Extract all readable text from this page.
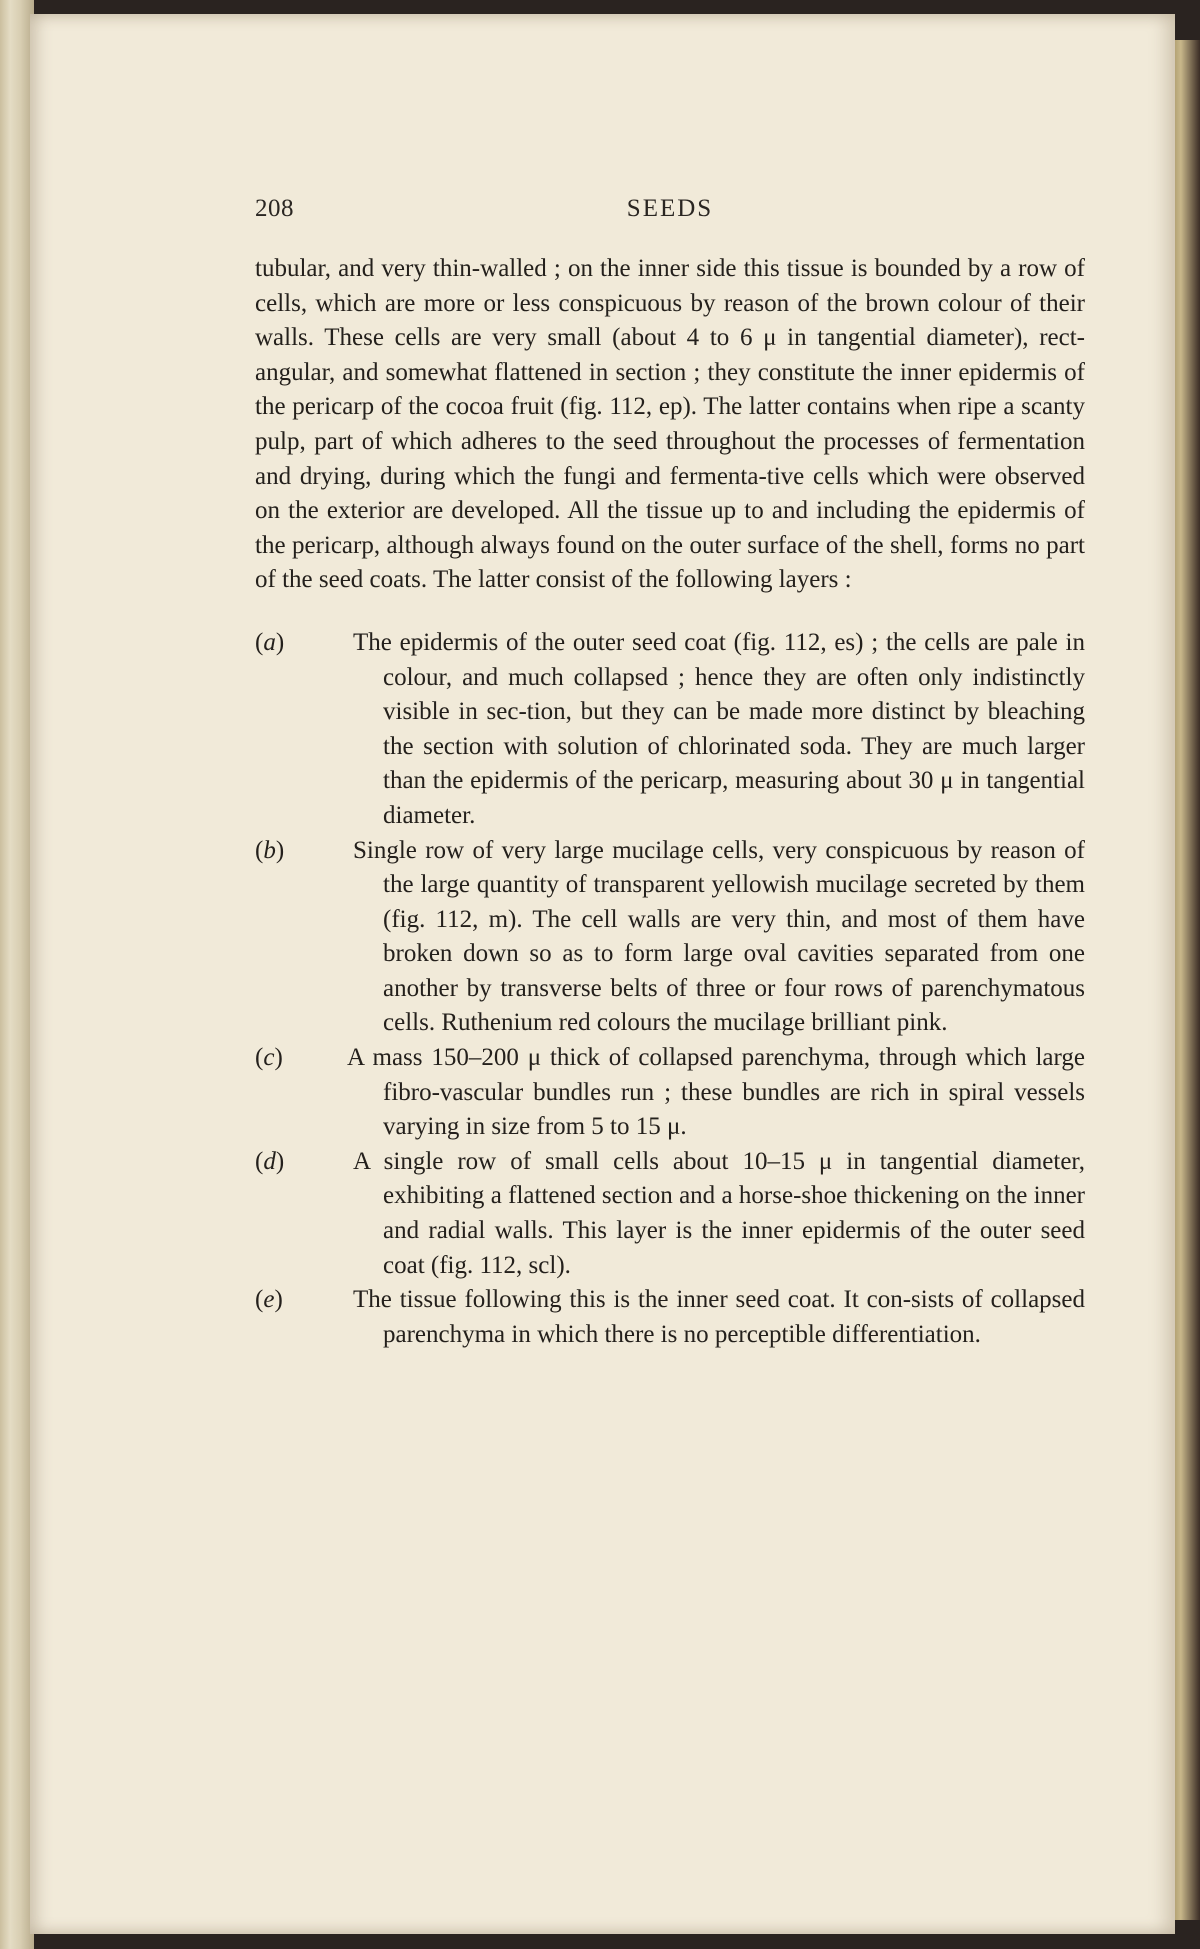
208	SEEDS

tubular, and very thin-walled ; on the inner side this tissue is bounded by a row of cells, which are more or less conspicuous by reason of the brown colour of their walls. These cells are very small (about 4 to 6 μ in tangential diameter), rect-angular, and somewhat flattened in section ; they constitute the inner epidermis of the pericarp of the cocoa fruit (fig. 112, ep). The latter contains when ripe a scanty pulp, part of which adheres to the seed throughout the processes of fermentation and drying, during which the fungi and fermenta-tive cells which were observed on the exterior are developed. All the tissue up to and including the epidermis of the pericarp, although always found on the outer surface of the shell, forms no part of the seed coats. The latter consist of the following layers :

(a)	The epidermis of the outer seed coat (fig. 112, es) ; the cells are pale in colour, and much collapsed ; hence they are often only indistinctly visible in sec-tion, but they can be made more distinct by bleaching the section with solution of chlorinated soda. They are much larger than the epidermis of the pericarp, measuring about 30 μ in tangential diameter.
(b)	Single row of very large mucilage cells, very conspicuous by reason of the large quantity of transparent yellowish mucilage secreted by them (fig. 112, m). The cell walls are very thin, and most of them have broken down so as to form large oval cavities separated from one another by transverse belts of three or four rows of parenchymatous cells. Ruthenium red colours the mucilage brilliant pink.
(c)	A mass 150–200 μ thick of collapsed parenchyma, through which large fibro-vascular bundles run ; these bundles are rich in spiral vessels varying in size from 5 to 15 μ.
(d)	A single row of small cells about 10–15 μ in tangential diameter, exhibiting a flattened section and a horse-shoe thickening on the inner and radial walls. This layer is the inner epidermis of the outer seed coat (fig. 112, scl).
(e)	The tissue following this is the inner seed coat. It con-sists of collapsed parenchyma in which there is no perceptible differentiation.
